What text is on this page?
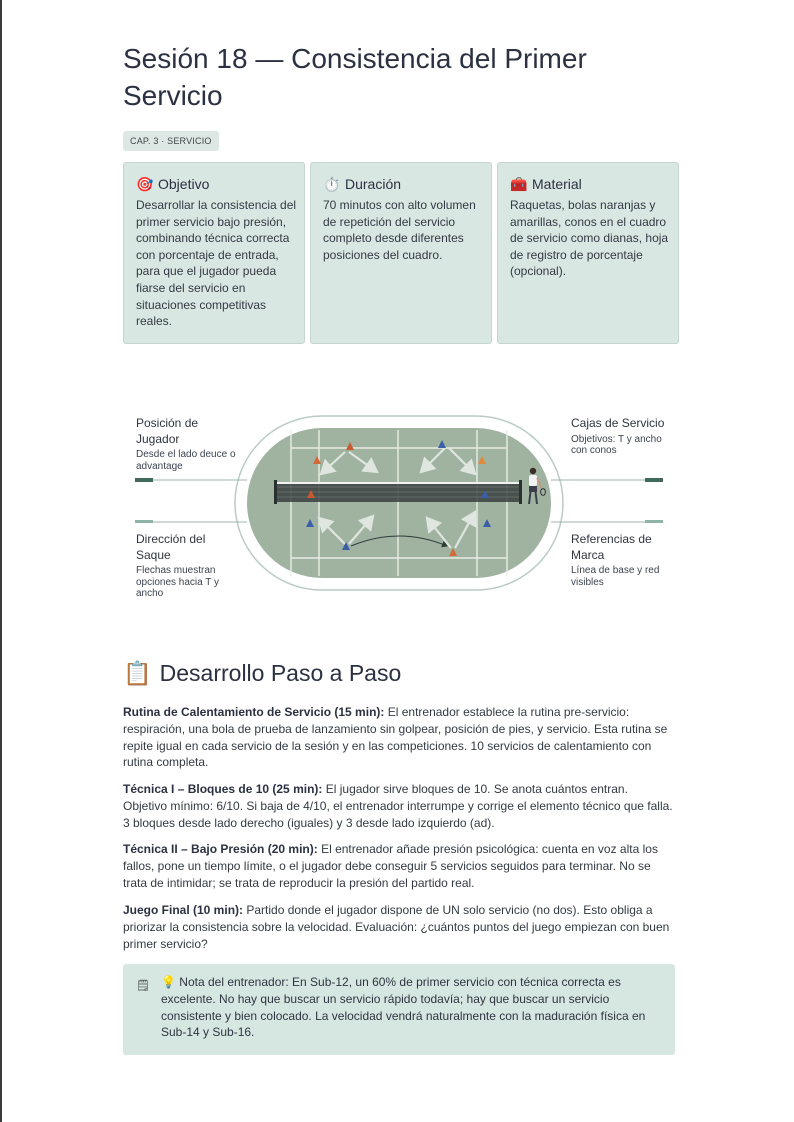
Sesión 18 — Consistencia del Primer Servicio
CAP. 3 · SERVICIO
🎯 Objetivo
Desarrollar la consistencia del primer servicio bajo presión, combinando técnica correcta con porcentaje de entrada, para que el jugador pueda fiarse del servicio en situaciones competitivas reales.
⏱️ Duración
70 minutos con alto volumen de repetición del servicio completo desde diferentes posiciones del cuadro.
🧰 Material
Raquetas, bolas naranjas y amarillas, conos en el cuadro de servicio como dianas, hoja de registro de porcentaje (opcional).
Posición de Jugador
Desde el lado deuce o advantage
Cajas de Servicio
Objetivos: T y ancho con conos
Dirección del Saque
Flechas muestran opciones hacia T y ancho
Referencias de Marca
Línea de base y red visibles
📋 Desarrollo Paso a Paso

Rutina de Calentamiento de Servicio (15 min): El entrenador establece la rutina pre-servicio: respiración, una bola de prueba de lanzamiento sin golpear, posición de pies, y servicio. Esta rutina se repite igual en cada servicio de la sesión y en las competiciones. 10 servicios de calentamiento con rutina completa.

Técnica I – Bloques de 10 (25 min): El jugador sirve bloques de 10. Se anota cuántos entran. Objetivo mínimo: 6/10. Si baja de 4/10, el entrenador interrumpe y corrige el elemento técnico que falla. 3 bloques desde lado derecho (iguales) y 3 desde lado izquierdo (ad).

Técnica II – Bajo Presión (20 min): El entrenador añade presión psicológica: cuenta en voz alta los fallos, pone un tiempo límite, o el jugador debe conseguir 5 servicios seguidos para terminar. No se trata de intimidar; se trata de reproducir la presión del partido real.

Juego Final (10 min): Partido donde el jugador dispone de UN solo servicio (no dos). Esto obliga a priorizar la consistencia sobre la velocidad. Evaluación: ¿cuántos puntos del juego empiezan con buen primer servicio?

🗒 💡 Nota del entrenador: En Sub-12, un 60% de primer servicio con técnica correcta es excelente. No hay que buscar un servicio rápido todavía; hay que buscar un servicio consistente y bien colocado. La velocidad vendrá naturalmente con la maduración física en Sub-14 y Sub-16.
